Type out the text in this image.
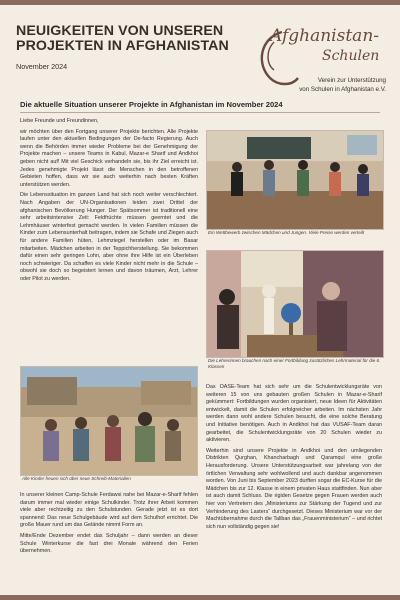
NEUIGKEITEN VON UNSEREN
PROJEKTEN IN AFGHANISTAN
November 2024
Afghanistan-
Schulen
Verein zur Unterstützung
von Schulen in Afghanistan e.V.
Die aktuelle Situation unserer Projekte in Afghanistan im November 2024

Liebe Freunde und Freundinnen,

wir möchten über den Fortgang unserer Projekte berichten. Alle Projekte laufen unter den aktuellen Bedingungen der De-facto Regierung. Auch wenn die Behörden immer wieder Probleme bei der Genehmigung der Projekte machen – unsere Teams in Kabul, Mazar-e Sharif und Andkhoi geben nicht auf! Mit viel Geschick verhandeln sie, bis ihr Ziel erreicht ist. Jedes genehmigte Projekt lässt die Menschen in den betroffenen Gebieten hoffen, dass wir sie auch weiterhin nach besten Kräften unterstützen werden.

Die Lebenssituation im ganzen Land hat sich noch weiter verschlechtert. Nach Angaben der UN-Organisationen leiden zwei Drittel der afghanischen Bevölkerung Hunger. Der Spätsommer ist traditionell eine sehr arbeitsintensive Zeit: Feldfrüchte müssen geerntet und die Lehmhäuser winterfest gemacht werden. In vielen Familien müssen die Kinder zum Lebensunterhalt beitragen, indem sie Schafe und Ziegen auch für andere Familien hüten, Lehmziegel herstellen oder im Basar mitarbeiten. Mädchen arbeiten in der Teppichherstellung. Sie bekommen dafür einen sehr geringen Lohn, aber ohne ihre Hilfe ist ein Überleben noch schwieriger. Da schaffen es viele Kinder nicht mehr in die Schule – obwohl sie doch so begeistert lernen und davon träumen, Arzt, Lehrer oder Pilot zu werden.

Alle Kinder freuen sich über neue Schreib-Materialien

In unserer kleinen Camp-Schule Ferdawsi nahe bei Mazar-e-Sharif fehlen darum immer mal wieder einige Schulkinder. Trotz ihrer Arbeit kommen viele aber rechtzeitig zu den Schulstunden. Gerade jetzt ist es dort spannend: Das neue Schulgebäude wird auf dem Schulhof errichtet. Die große Mauer rund um das Gelände nimmt Form an.

Mitte/Ende Dezember endet das Schuljahr – dann werden an dieser Schule Winterkurse die fast drei Monate während den Ferien übernehmen.

Ein Wettbewerb zwischen Mädchen und Jungen. Viele Preise werden verteilt
Die Lehrerinnen brauchen nach einer Fortbildung zusätzliches Lehrmaterial für die 6. Klassen

Das OASE-Team hat sich sehr um die Schulentwicklungsräte von weiteren 15 von uns gebauten großen Schulen in Mazar-e-Sharif gekümmert: Fortbildungen wurden organisiert, neue Ideen für Aktivitäten entwickelt, damit die Schulen erfolgreicher arbeiten. Im nächsten Jahr werden dann wohl andere Schulen besucht, die eine solche Beratung und Initiative benötigen. Auch in Andkhoi hat das VUSAF-Team daran gearbeitet, die Schulentwicklungsräte von 20 Schulen wieder zu aktivieren.

Weiterhin sind unsere Projekte in Andkhoi und den umliegenden Distrikten Qurghan, Khancharbagh und Qaramqul eine große Herausforderung. Unsere Unterstützungsarbeit war jahrelang von der örtlichen Verwaltung sehr wohlwollend und auch dankbar angenommen worden. Von Juni bis September 2023 durften sogar die EC-Kurse für die Mädchen bis zur 12. Klasse in einem privaten Haus stattfinden. Nun aber ist auch damit Schluss. Die rigiden Gesetze gegen Frauen werden auch hier von Vertretern des „Ministeriums zur Stärkung der Tugend und zur Verhinderung des Lasters“ durchgesetzt. Dieses Ministerium war vor der Machtübernahme durch die Taliban das „Frauenministerium“ – und richtet sich nun vollständig gegen sie!
